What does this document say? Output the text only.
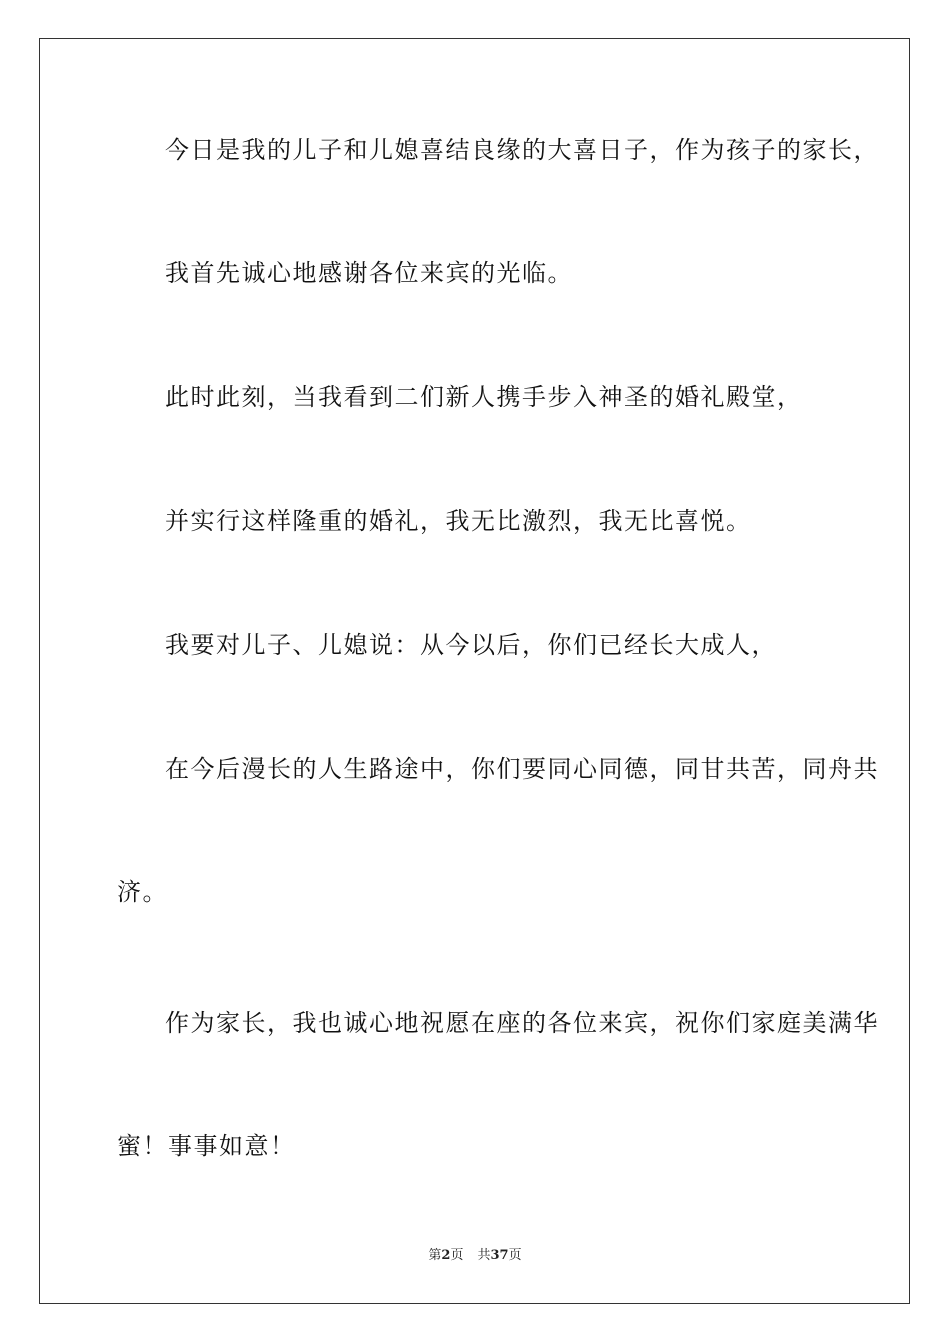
今日是我的儿子和儿媳喜结良缘的大喜日子，作为孩子的家长，
我首先诚心地感谢各位来宾的光临。
此时此刻，当我看到二们新人携手步入神圣的婚礼殿堂，
并实行这样隆重的婚礼，我无比激烈，我无比喜悦。
我要对儿子、儿媳说：从今以后，你们已经长大成人，
在今后漫长的人生路途中，你们要同心同德，同甘共苦，同舟共
济。
作为家长，我也诚心地祝愿在座的各位来宾，祝你们家庭美满华
蜜！事事如意！
第2页 共37页
